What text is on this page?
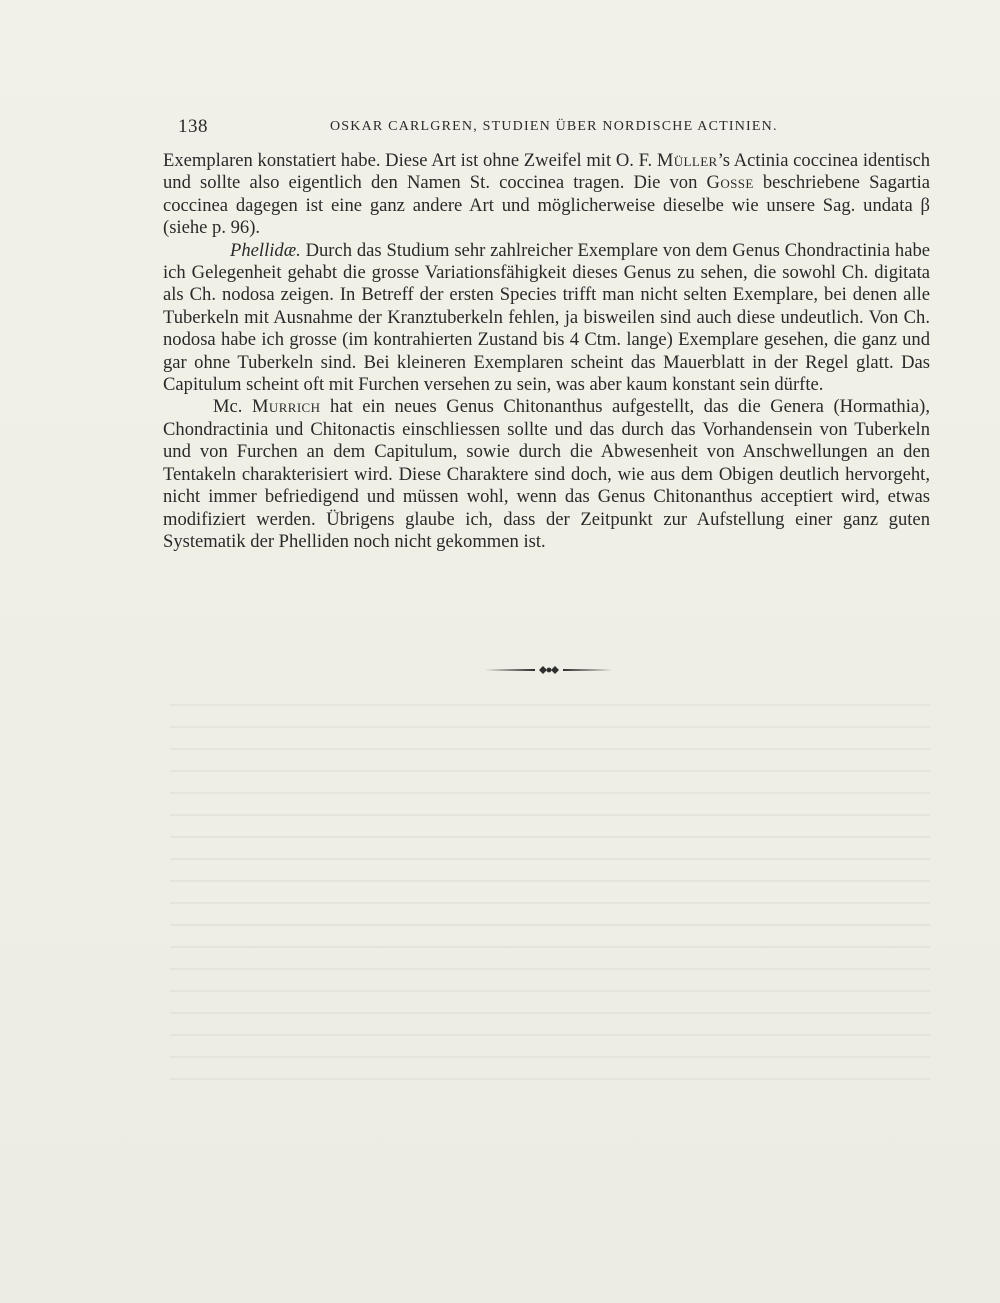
138	OSKAR CARLGREN, STUDIEN ÜBER NORDISCHE ACTINIEN.

Exemplaren konstatiert habe. Diese Art ist ohne Zweifel mit O. F. Müller’s Actinia coccinea identisch und sollte also eigentlich den Namen St. coccinea tragen. Die von Gosse beschriebene Sagartia coccinea dagegen ist eine ganz andere Art und möglicherweise dieselbe wie unsere Sag. undata β (siehe p. 96).

Phellidæ. Durch das Studium sehr zahlreicher Exemplare von dem Genus Chondractinia habe ich Gelegenheit gehabt die grosse Variationsfähigkeit dieses Genus zu sehen, die sowohl Ch. digitata als Ch. nodosa zeigen. In Betreff der ersten Species trifft man nicht selten Exemplare, bei denen alle Tuberkeln mit Ausnahme der Kranztuberkeln fehlen, ja bisweilen sind auch diese undeutlich. Von Ch. nodosa habe ich grosse (im kontrahierten Zustand bis 4 Ctm. lange) Exemplare gesehen, die ganz und gar ohne Tuberkeln sind. Bei kleineren Exemplaren scheint das Mauerblatt in der Regel glatt. Das Capitulum scheint oft mit Furchen versehen zu sein, was aber kaum konstant sein dürfte.

Mc. Murrich hat ein neues Genus Chitonanthus aufgestellt, das die Genera (Hormathia), Chondractinia und Chitonactis einschliessen sollte und das durch das Vorhandensein von Tuberkeln und von Furchen an dem Capitulum, sowie durch die Abwesenheit von Anschwellungen an den Tentakeln charakterisiert wird. Diese Charaktere sind doch, wie aus dem Obigen deutlich hervorgeht, nicht immer befriedigend und müssen wohl, wenn das Genus Chitonanthus acceptiert wird, etwas modifiziert werden. Übrigens glaube ich, dass der Zeitpunkt zur Aufstellung einer ganz guten Systematik der Phelliden noch nicht gekommen ist.
